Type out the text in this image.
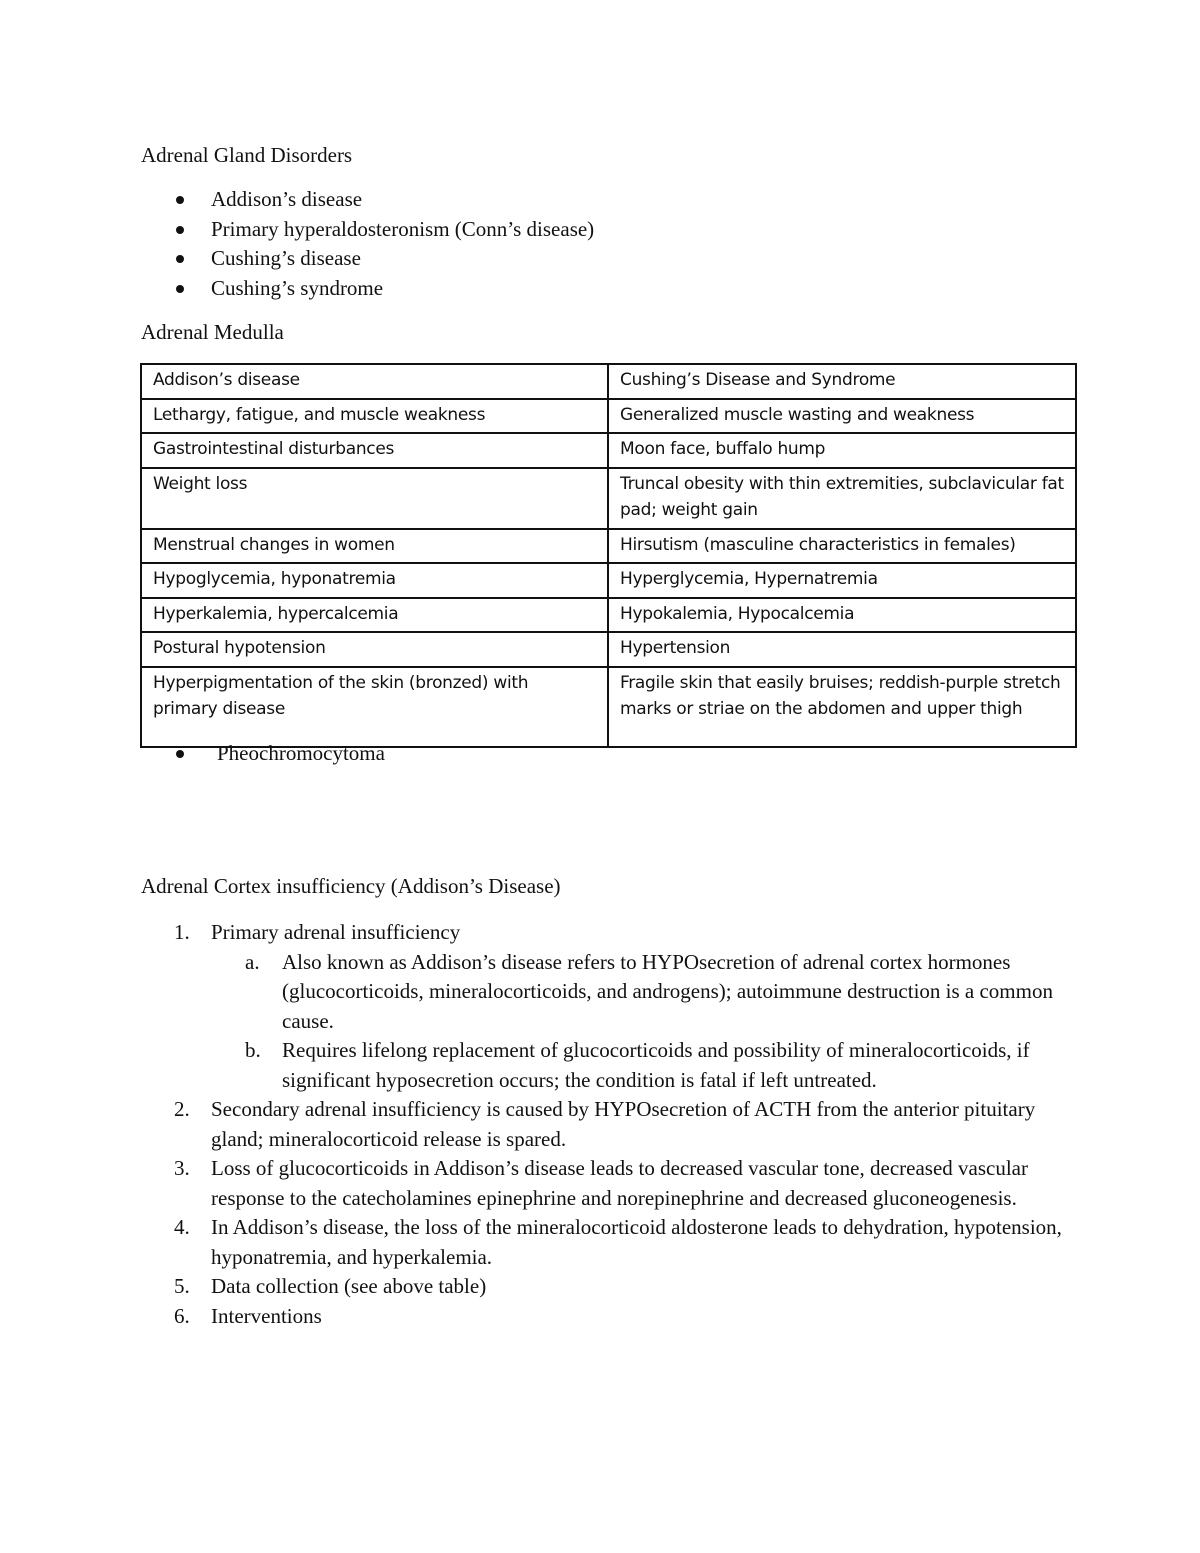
Adrenal Gland Disorders
Addison’s disease
Primary hyperaldosteronism (Conn’s disease)
Cushing’s disease
Cushing’s syndrome
Adrenal Medulla
Addison’s disease	Cushing’s Disease and Syndrome
Lethargy, fatigue, and muscle weakness	Generalized muscle wasting and weakness
Gastrointestinal disturbances	Moon face, buffalo hump
Weight loss	Truncal obesity with thin extremities, subclavicular fat pad; weight gain
Menstrual changes in women	Hirsutism (masculine characteristics in females)
Hypoglycemia, hyponatremia	Hyperglycemia, Hypernatremia
Hyperkalemia, hypercalcemia	Hypokalemia, Hypocalcemia
Postural hypotension	Hypertension
Hyperpigmentation of the skin (bronzed) with primary disease	Fragile skin that easily bruises; reddish-purple stretch marks or striae on the abdomen and upper thigh
Pheochromocytoma
Adrenal Cortex insufficiency (Addison’s Disease)
1. Primary adrenal insufficiency
a. Also known as Addison’s disease refers to HYPOsecretion of adrenal cortex hormones (glucocorticoids, mineralocorticoids, and androgens); autoimmune destruction is a common cause.
b. Requires lifelong replacement of glucocorticoids and possibility of mineralocorticoids, if significant hyposecretion occurs; the condition is fatal if left untreated.
2. Secondary adrenal insufficiency is caused by HYPOsecretion of ACTH from the anterior pituitary gland; mineralocorticoid release is spared.
3. Loss of glucocorticoids in Addison’s disease leads to decreased vascular tone, decreased vascular response to the catecholamines epinephrine and norepinephrine and decreased gluconeogenesis.
4. In Addison’s disease, the loss of the mineralocorticoid aldosterone leads to dehydration, hypotension, hyponatremia, and hyperkalemia.
5. Data collection (see above table)
6. Interventions
